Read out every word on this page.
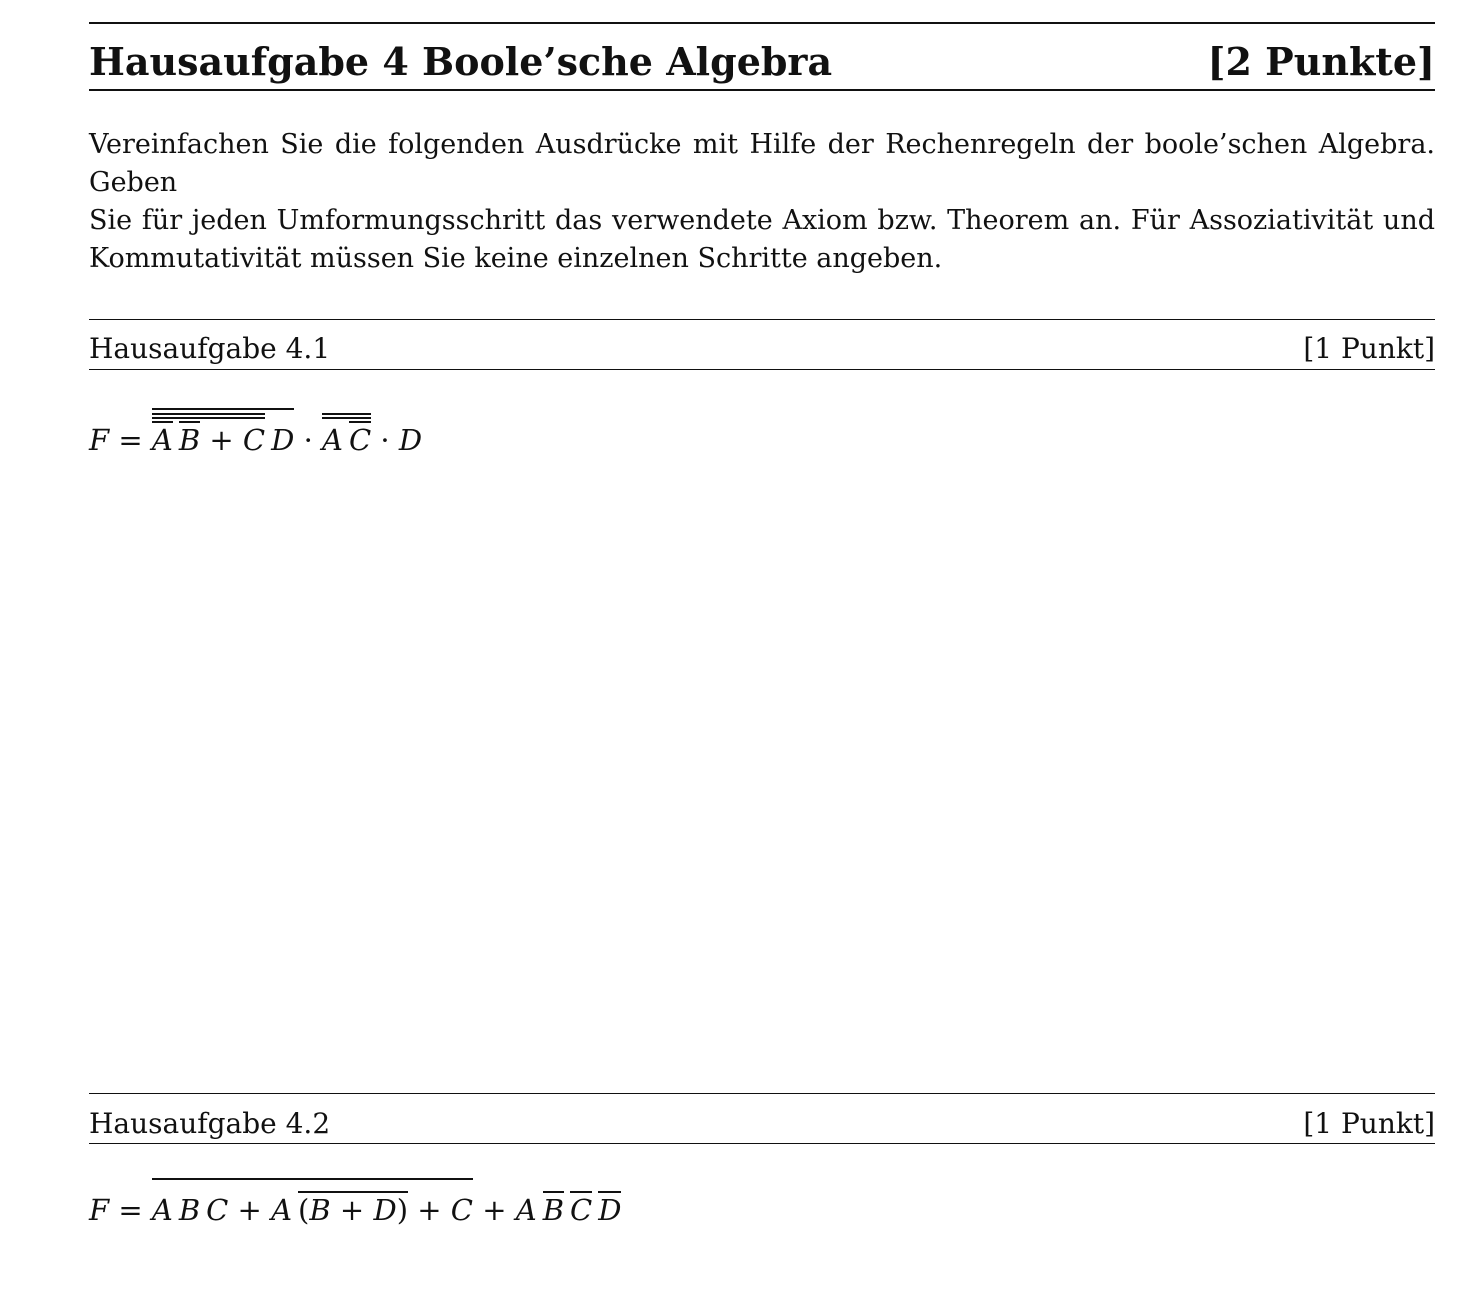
Hausaufgabe 4 Boole’sche Algebra	[2 Punkte]
Vereinfachen Sie die folgenden Ausdrücke mit Hilfe der Rechenregeln der boole’schen Algebra. Geben
Sie für jeden Umformungsschritt das verwendete Axiom bzw. Theorem an. Für Assoziativität und
Kommutativität müssen Sie keine einzelnen Schritte angeben.
Hausaufgabe 4.1	[1 Punkt]
F = A B + C D · A C · D
Hausaufgabe 4.2	[1 Punkt]
F = A B C + A (B + D) + C + A B C D
